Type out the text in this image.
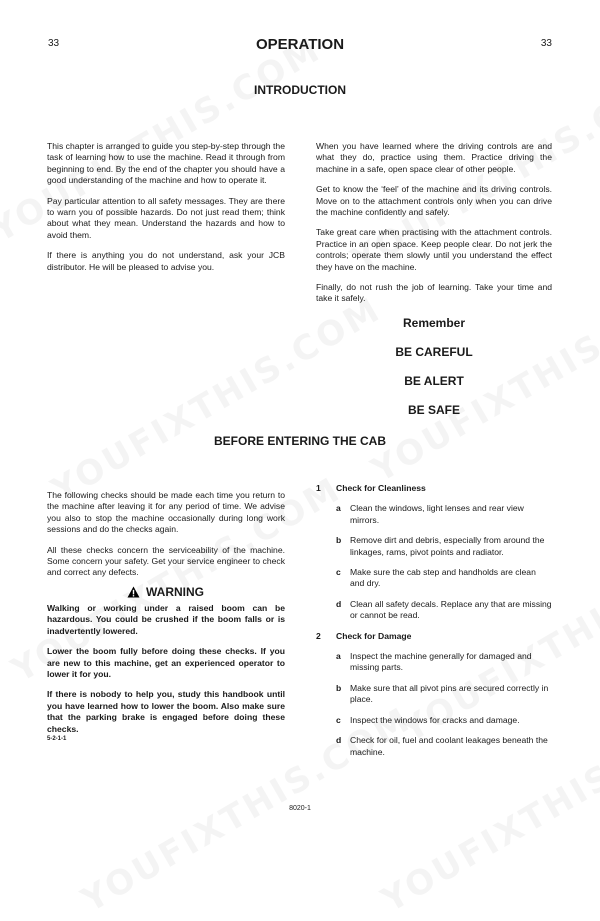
33	OPERATION	33
INTRODUCTION

This chapter is arranged to guide you step-by-step through the task of learning how to use the machine. Read it through from beginning to end. By the end of the chapter you should have a good understanding of the machine and how to operate it.

Pay particular attention to all safety messages. They are there to warn you of possible hazards. Do not just read them; think about what they mean. Understand the hazards and how to avoid them.

If there is anything you do not understand, ask your JCB distributor. He will be pleased to advise you.

When you have learned where the driving controls are and what they do, practice using them. Practice driving the machine in a safe, open space clear of other people.

Get to know the ‘feel’ of the machine and its driving controls. Move on to the attachment controls only when you can drive the machine confidently and safely.

Take great care when practising with the attachment controls. Practice in an open space. Keep people clear. Do not jerk the controls; operate them slowly until you understand the effect they have on the machine.

Finally, do not rush the job of learning. Take your time and take it safely.

Remember
BE CAREFUL
BE ALERT
BE SAFE
BEFORE ENTERING THE CAB

The following checks should be made each time you return to the machine after leaving it for any period of time. We advise you also to stop the machine occasionally during long work sessions and do the checks again.

All these checks concern the serviceability of the machine. Some concern your safety. Get your service engineer to check and correct any defects.

WARNING

Walking or working under a raised boom can be hazardous. You could be crushed if the boom falls or is inadvertently lowered.

Lower the boom fully before doing these checks. If you are new to this machine, get an experienced operator to lower it for you.

If there is nobody to help you, study this handbook until you have learned how to lower the boom. Also make sure that the parking brake is engaged before doing these checks.

5-2-1-1
1	Check for Cleanliness
a	Clean the windows, light lenses and rear view mirrors.
b	Remove dirt and debris, especially from around the linkages, rams, pivot points and radiator.
c	Make sure the cab step and handholds are clean and dry.
d	Clean all safety decals. Replace any that are missing or cannot be read.
2	Check for Damage
a	Inspect the machine generally for damaged and missing parts.
b	Make sure that all pivot pins are secured correctly in place.
c	Inspect the windows for cracks and damage.
d	Check for oil, fuel and coolant leakages beneath the machine.
8020-1
